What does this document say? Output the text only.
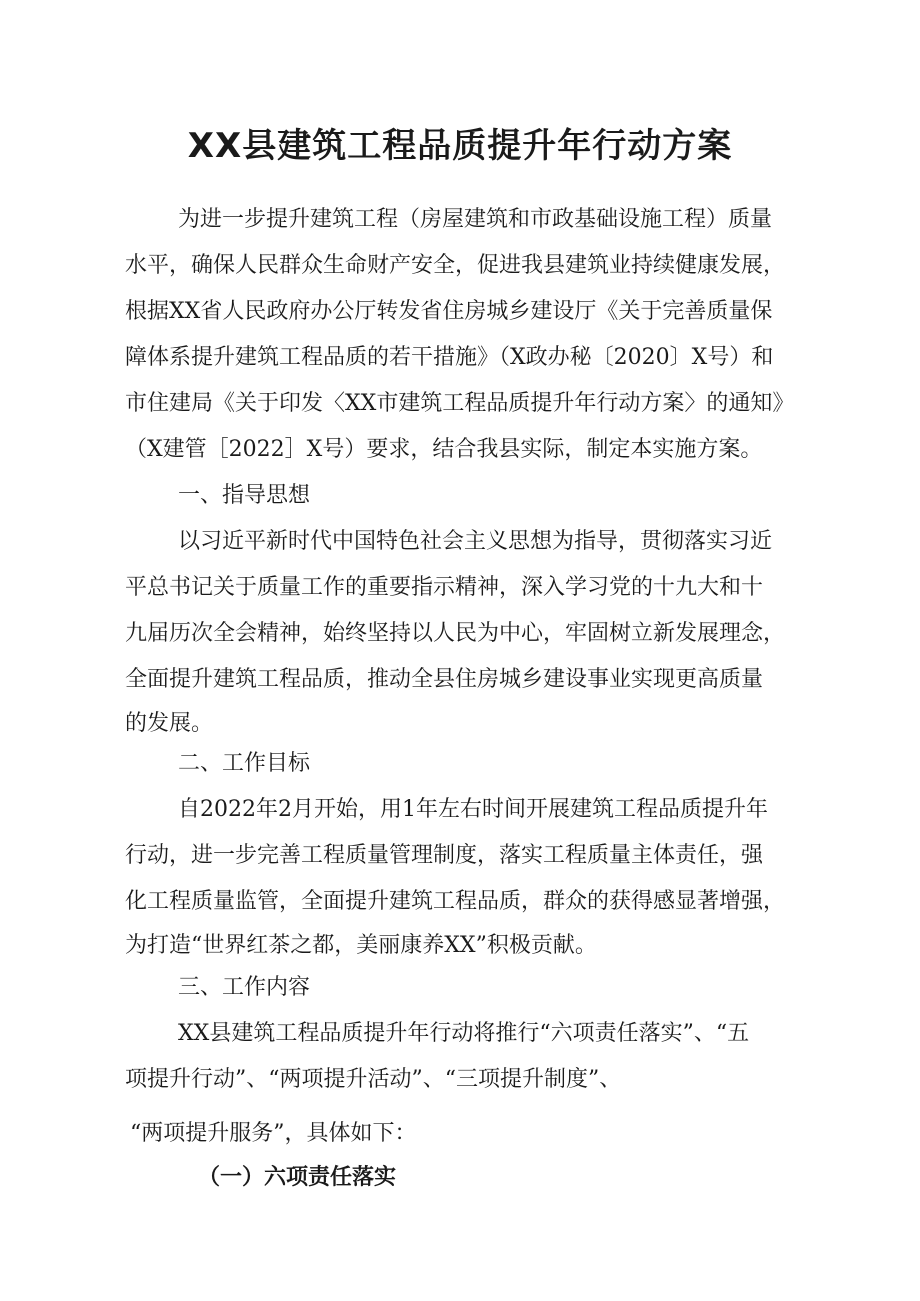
XX县建筑工程品质提升年行动方案

为进一步提升建筑工程（房屋建筑和市政基础设施工程）质量

水平，确保人民群众生命财产安全，促进我县建筑业持续健康发展，

根据XX省人民政府办公厅转发省住房城乡建设厅《关于完善质量保

障体系提升建筑工程品质的若干措施》（X政办秘〔2020〕X号）和

市住建局《关于印发〈XX市建筑工程品质提升年行动方案〉的通知》

（X建管［2022］X号）要求，结合我县实际，制定本实施方案。

一、指导思想

以习近平新时代中国特色社会主义思想为指导，贯彻落实习近

平总书记关于质量工作的重要指示精神，深入学习党的十九大和十

九届历次全会精神，始终坚持以人民为中心，牢固树立新发展理念，

全面提升建筑工程品质，推动全县住房城乡建设事业实现更高质量

的发展。

二、工作目标

自2022年2月开始，用1年左右时间开展建筑工程品质提升年

行动，进一步完善工程质量管理制度，落实工程质量主体责任，强

化工程质量监管，全面提升建筑工程品质，群众的获得感显著增强，

为打造“世界红茶之都，美丽康养XX”积极贡献。

三、工作内容

XX县建筑工程品质提升年行动将推行“六项责任落实”、“五

项提升行动”、“两项提升活动”、“三项提升制度”、

“两项提升服务”，具体如下：

（一）六项责任落实
